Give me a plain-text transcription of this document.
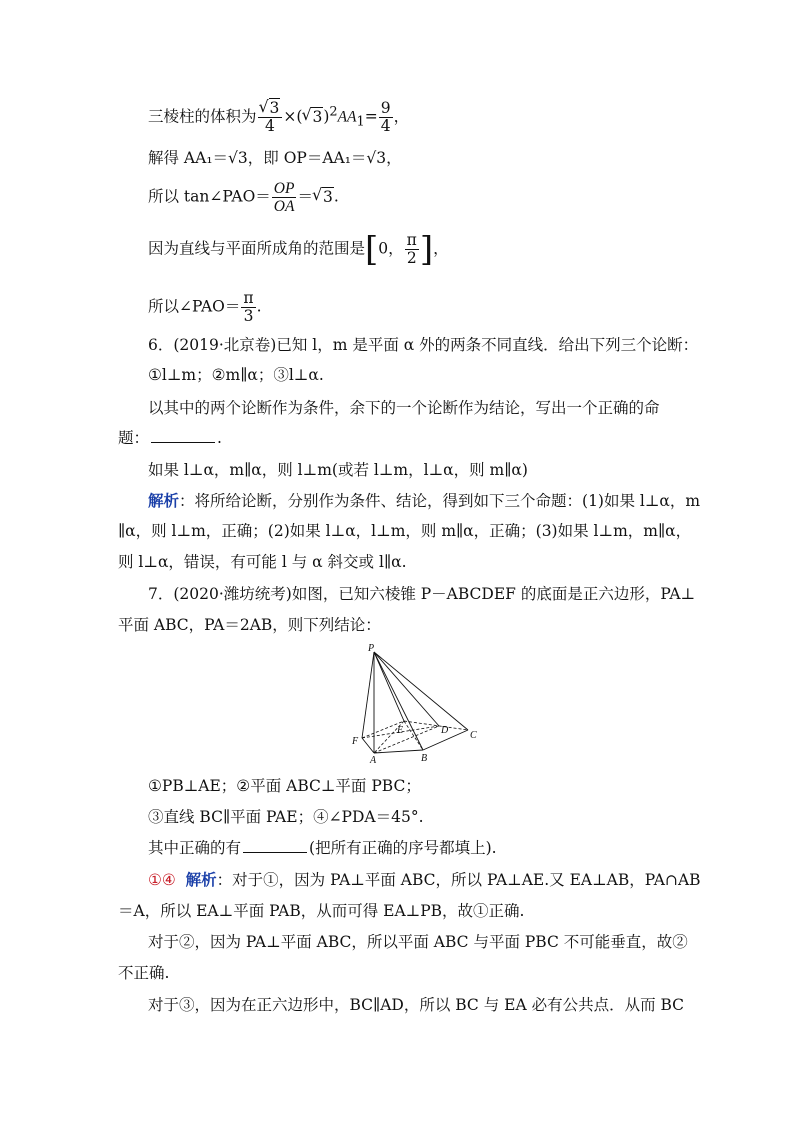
三棱柱的体积为 √ $\frac{3}{4}$ ×( √ $3)^2AA_1= \frac{9}{4}$ ，
解得 AA₁＝√3，即 OP＝AA₁＝√3，
所以 tan∠PAO＝ $\frac{OP}{OA}$ ＝ √ 3.
因为直线与平面所成角的范围是[0， $\frac{\pi}{2}$ ]，
所以∠PAO＝ $\frac{\pi}{3}$ .
6．(2019·北京卷)已知 l，m 是平面 α 外的两条不同直线．给出下列三个论断：
①l⊥m；②m∥α；③l⊥α.
以其中的两个论断作为条件，余下的一个论断作为结论，写出一个正确的命
题：	.
如果 l⊥α，m∥α，则 l⊥m(或若 l⊥m，l⊥α，则 m∥α)
解析：将所给论断，分别作为条件、结论，得到如下三个命题：(1)如果 l⊥α，m
∥α，则 l⊥m，正确；(2)如果 l⊥α，l⊥m，则 m∥α，正确；(3)如果 l⊥m，m∥α，
则 l⊥α，错误，有可能 l 与 α 斜交或 l∥α.
7．(2020·潍坊统考)如图，已知六棱锥 P－ABCDEF 的底面是正六边形，PA⊥
平面 ABC，PA＝2AB，则下列结论：
P
A	B
C
D
E
F
①PB⊥AE；②平面 ABC⊥平面 PBC；
③直线 BC∥平面 PAE；④∠PDA＝45°.
其中正确的有	(把所有正确的序号都填上).
①④ 解析：对于①，因为 PA⊥平面 ABC，所以 PA⊥AE.又 EA⊥AB，PA∩AB
＝A，所以 EA⊥平面 PAB，从而可得 EA⊥PB，故①正确.
对于②，因为 PA⊥平面 ABC，所以平面 ABC 与平面 PBC 不可能垂直，故②
不正确.
对于③，因为在正六边形中，BC∥AD，所以 BC 与 EA 必有公共点．从而 BC
